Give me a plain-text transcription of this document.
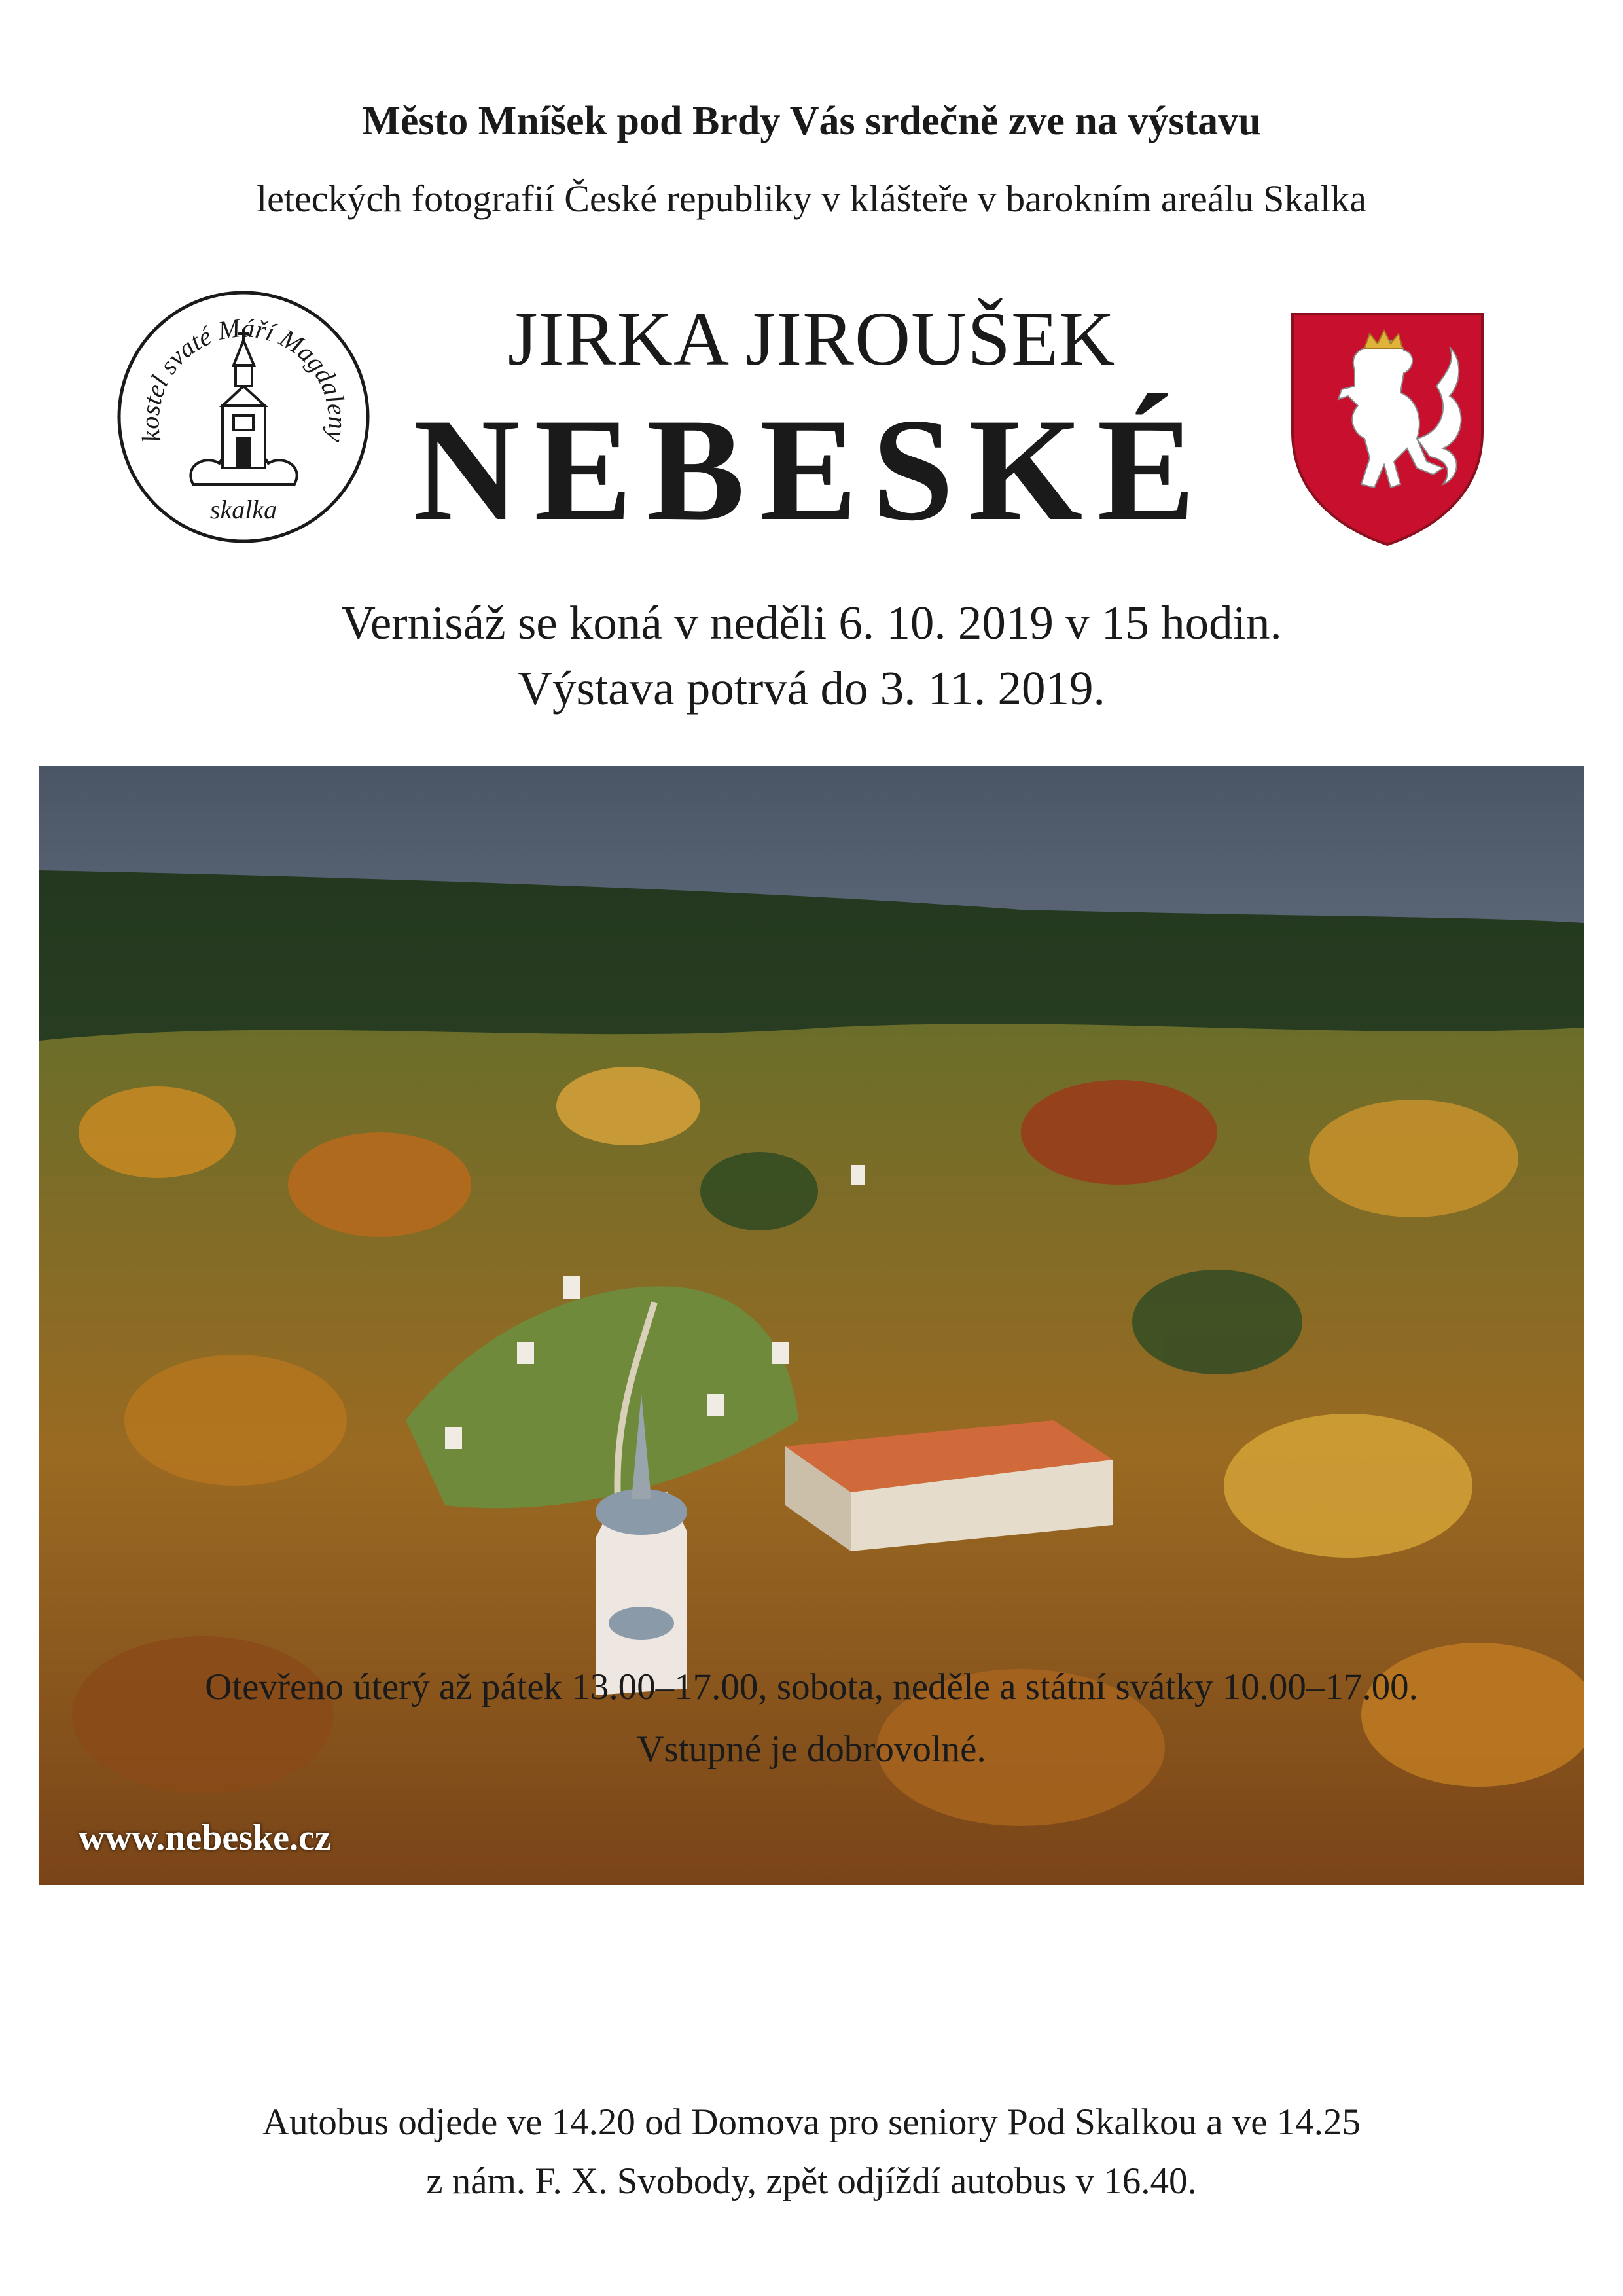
Město Mníšek pod Brdy Vás srdečně zve na výstavu
leteckých fotografií České republiky v klášteře v barokním areálu Skalka
kostel svaté Máří Magdaleny
skalka
JIRKA JIROUŠEK
NEBESKÉ
Vernisáž se koná v neděli 6. 10. 2019 v 15 hodin.
Výstava potrvá do 3. 11. 2019.
www.nebeske.cz
Otevřeno úterý až pátek 13.00–17.00, sobota, neděle a státní svátky 10.00–17.00.
Vstupné je dobrovolné.
Autobus odjede ve 14.20 od Domova pro seniory Pod Skalkou a ve 14.25
z nám. F. X. Svobody, zpět odjíždí autobus v 16.40.
